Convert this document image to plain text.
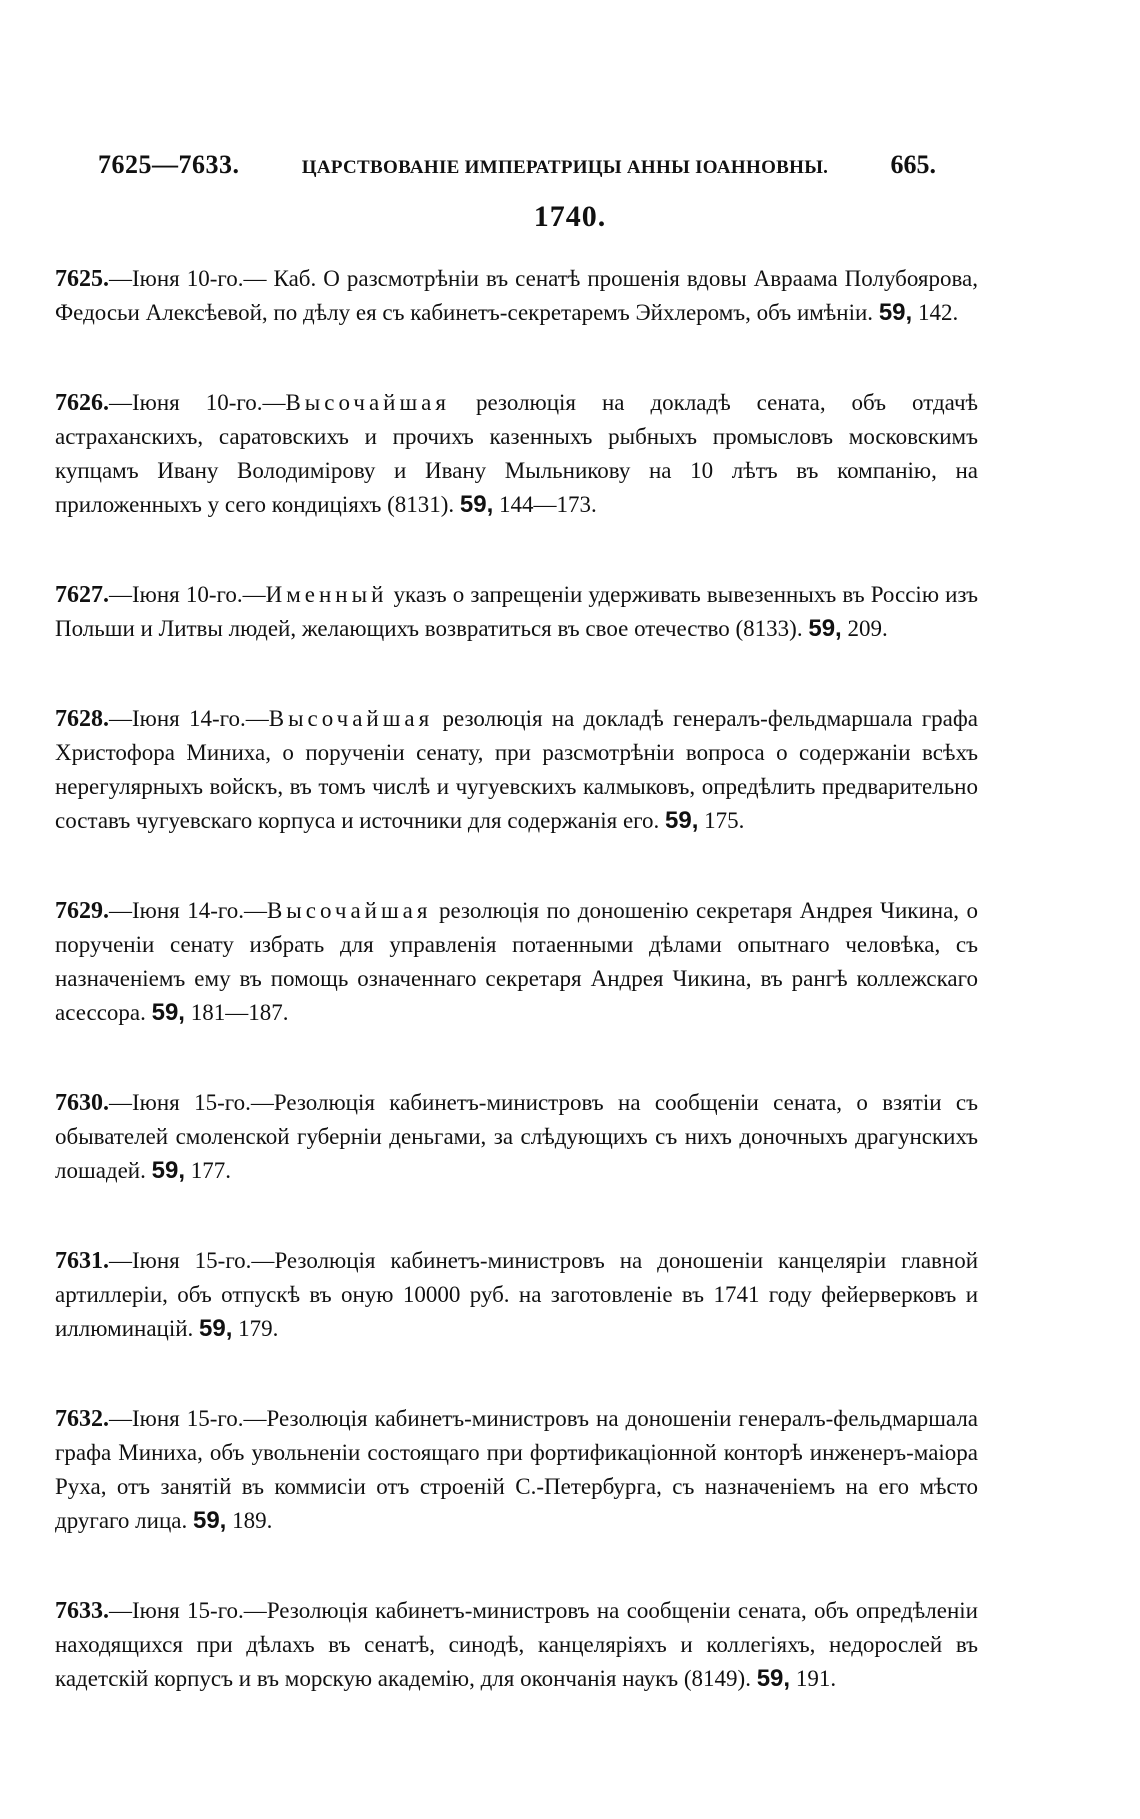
7625—7633.	ЦАРСТВОВАНІЕ ИМПЕРАТРИЦЫ АННЫ ІОАННОВНЫ. 665.
1740.

7625.—Іюня 10-го.— Каб. О разсмотрѣніи въ сенатѣ прошенія вдовы Авраама Полубоярова, Федосьи Алексѣевой, по дѣлу ея съ кабинетъ-секретаремъ Эйхлеромъ, объ имѣніи. 59, 142.

7626.—Іюня 10-го.—Высочайшая резолюція на докладѣ сената, объ отдачѣ астраханскихъ, саратовскихъ и прочихъ казенныхъ рыбныхъ промысловъ московскимъ купцамъ Ивану Володимірову и Ивану Мыльникову на 10 лѣтъ въ компанію, на приложенныхъ у сего кондиціяхъ (8131). 59, 144—173.

7627.—Іюня 10-го.—Именный указъ о запрещеніи удерживать вывезенныхъ въ Россію изъ Польши и Литвы людей, желающихъ возвратиться въ свое отечество (8133). 59, 209.

7628.—Іюня 14-го.—Высочайшая резолюція на докладѣ генералъ-фельдмаршала графа Христофора Миниха, о порученіи сенату, при разсмотрѣніи вопроса о содержаніи всѣхъ нерегулярныхъ войскъ, въ томъ числѣ и чугуевскихъ калмыковъ, опредѣлить предварительно составъ чугуевскаго корпуса и источники для содержанія его. 59, 175.

7629.—Іюня 14-го.—Высочайшая резолюція по доношенію секретаря Андрея Чикина, о порученіи сенату избрать для управленія потаенными дѣлами опытнаго человѣка, съ назначеніемъ ему въ помощь означеннаго секретаря Андрея Чикина, въ рангѣ коллежскаго асессора. 59, 181—187.

7630.—Іюня 15-го.—Резолюція кабинетъ-министровъ на сообщеніи сената, о взятіи съ обывателей смоленской губерніи деньгами, за слѣдующихъ съ нихъ доночныхъ драгунскихъ лошадей. 59, 177.

7631.—Іюня 15-го.—Резолюція кабинетъ-министровъ на доношеніи канцеляріи главной артиллеріи, объ отпускѣ въ оную 10000 руб. на заготовленіе въ 1741 году фейерверковъ и иллюминацій. 59, 179.

7632.—Іюня 15-го.—Резолюція кабинетъ-министровъ на доношеніи генералъ-фельдмаршала графа Миниха, объ увольненіи состоящаго при фортификаціонной конторѣ инженеръ-маіора Руха, отъ занятій въ коммисіи отъ строеній С.-Петербурга, съ назначеніемъ на его мѣсто другаго лица. 59, 189.

7633.—Іюня 15-го.—Резолюція кабинетъ-министровъ на сообщеніи сената, объ опредѣленіи находящихся при дѣлахъ въ сенатѣ, синодѣ, канцеляріяхъ и коллегіяхъ, недорослей въ кадетскій корпусъ и въ морскую академію, для окончанія наукъ (8149). 59, 191.
